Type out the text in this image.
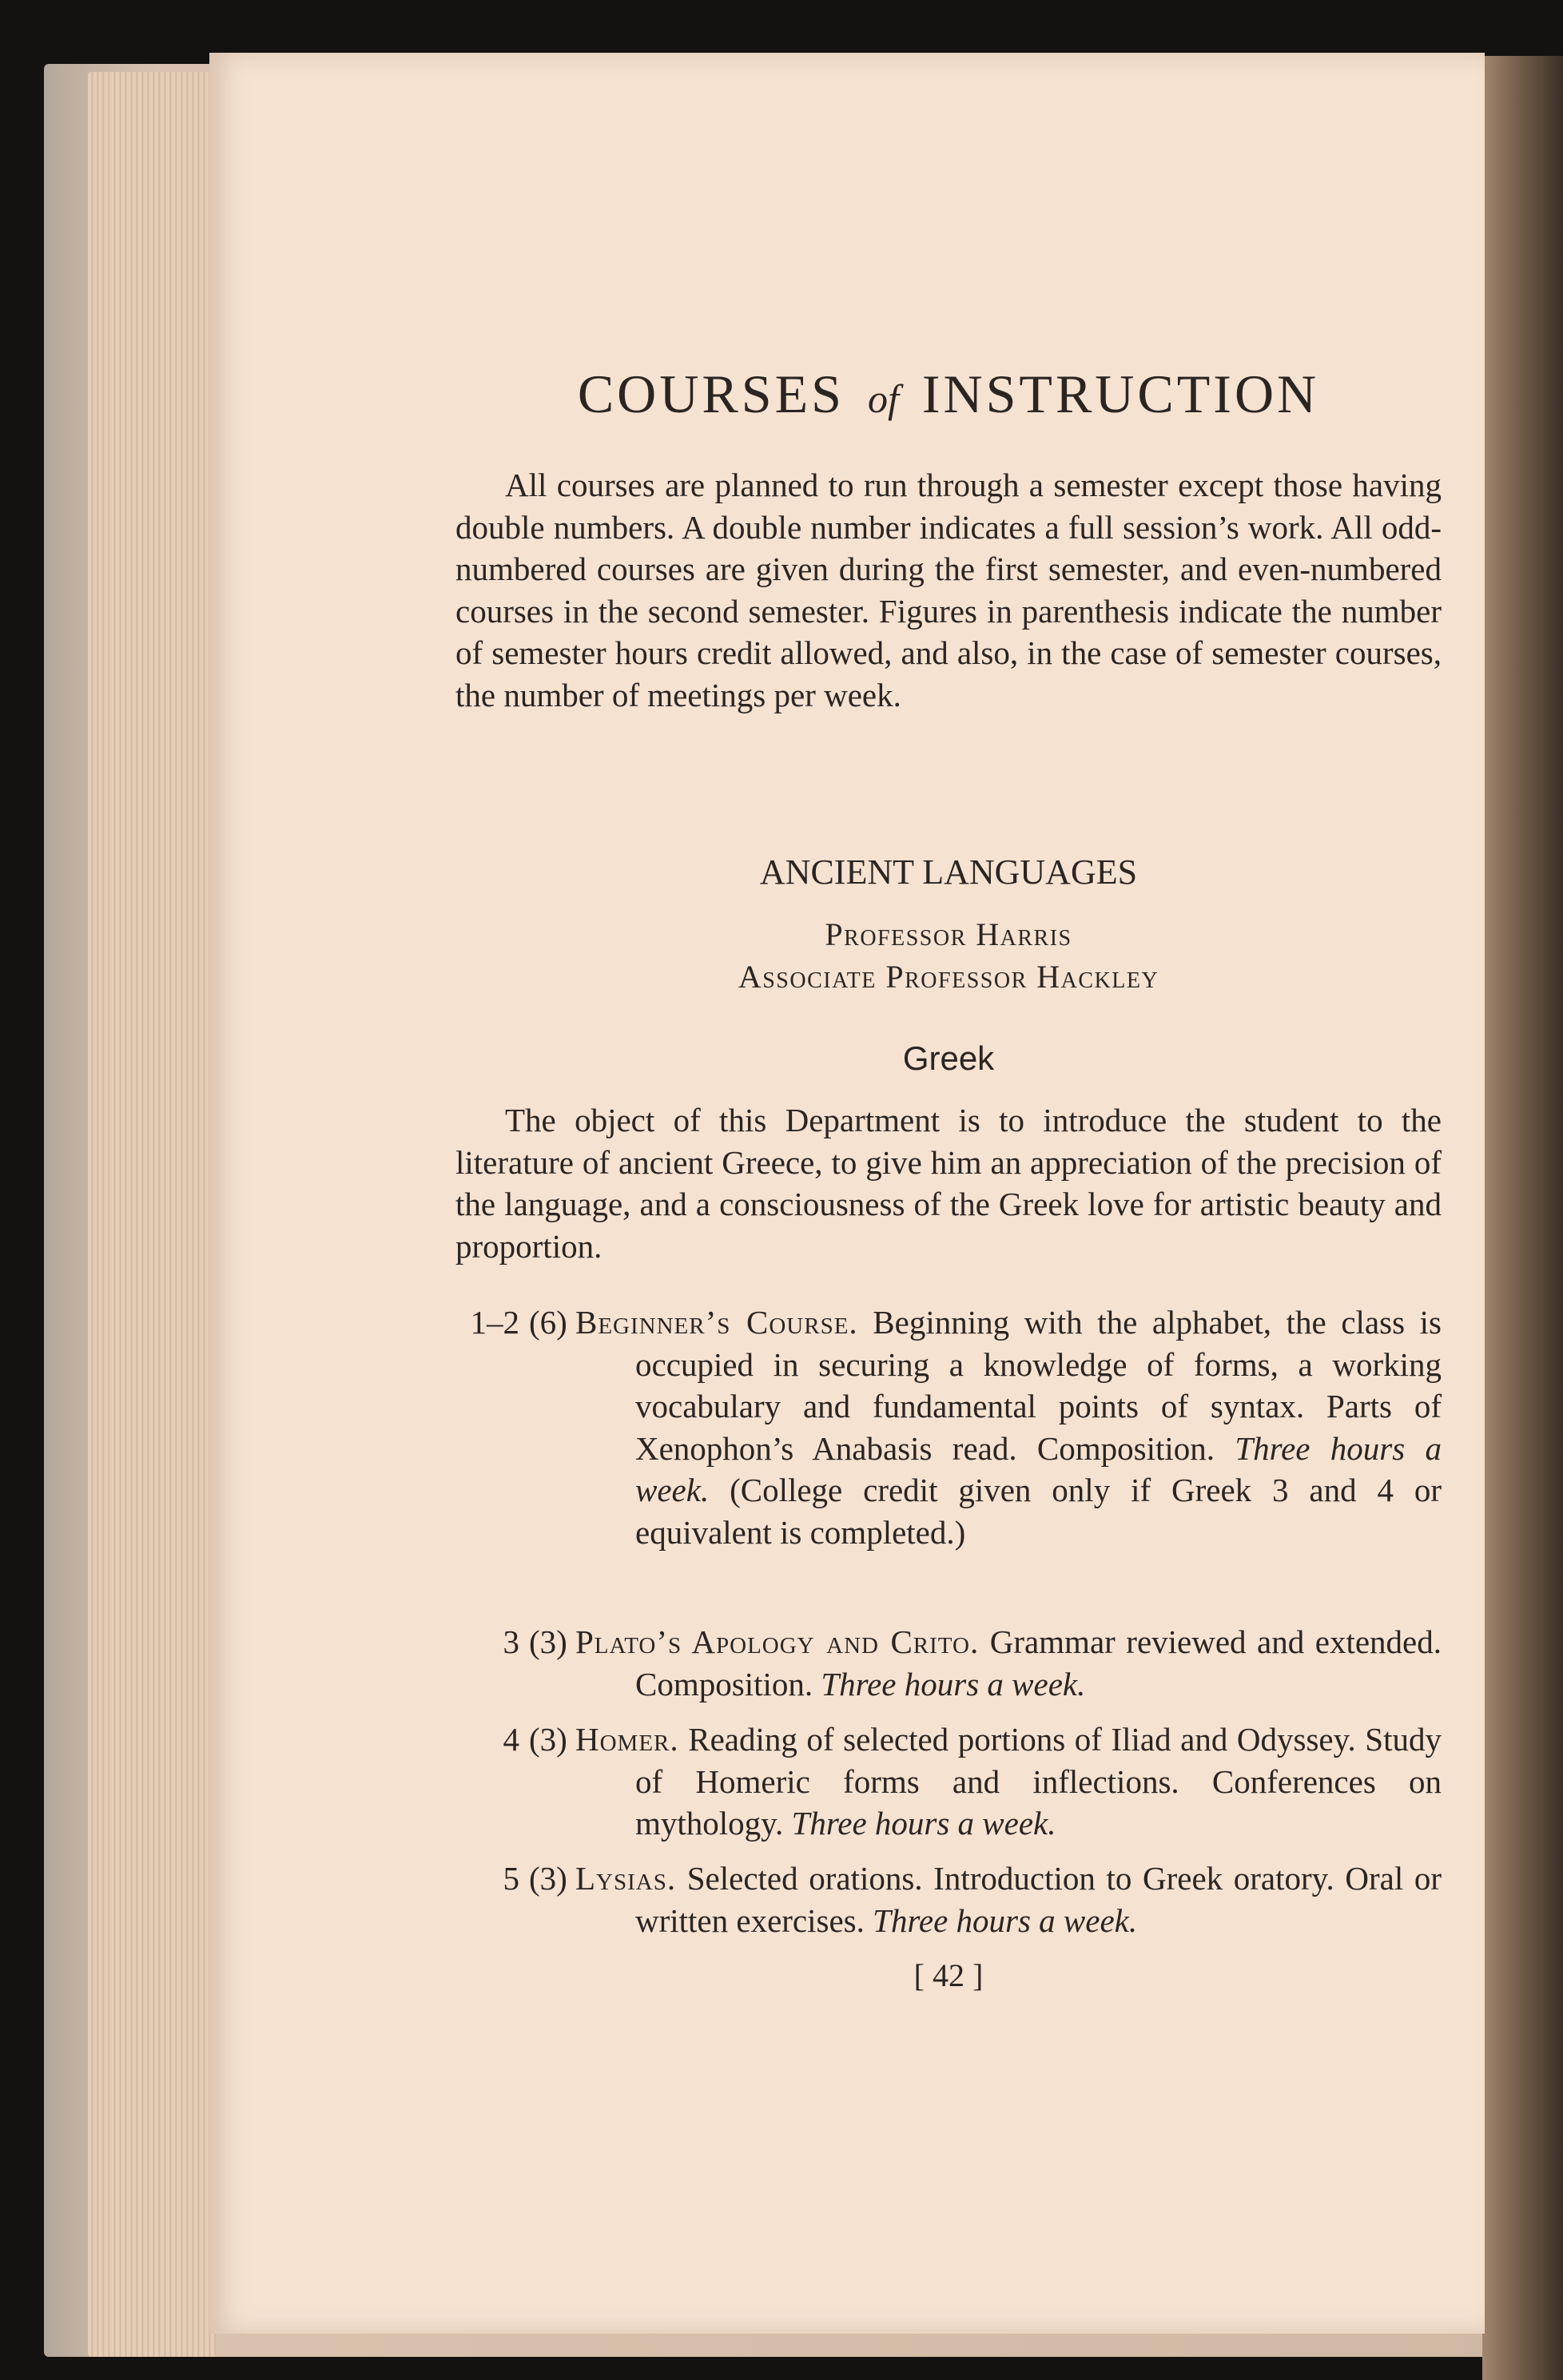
COURSES of INSTRUCTION

All courses are planned to run through a semester except those having double numbers. A double number indicates a full session’s work. All odd-numbered courses are given during the first semester, and even-numbered courses in the second semester. Figures in parenthesis indicate the number of semester hours credit allowed, and also, in the case of semester courses, the number of meetings per week.

ANCIENT LANGUAGES
Professor Harris
Associate Professor Hackley
Greek

The object of this Department is to introduce the student to the literature of ancient Greece, to give him an appreciation of the precision of the language, and a consciousness of the Greek love for artistic beauty and proportion.

1–2 (6) Beginner’s Course. Beginning with the alphabet, the class is occupied in securing a knowledge of forms, a working vocabulary and fundamental points of syntax. Parts of Xenophon’s Anabasis read. Composition. Three hours a week. (College credit given only if Greek 3 and 4 or equivalent is completed.)
3 (3) Plato’s Apology and Crito. Grammar reviewed and extended. Composition. Three hours a week.
4 (3) Homer. Reading of selected portions of Iliad and Odyssey. Study of Homeric forms and inflections. Conferences on mythology. Three hours a week.
5 (3) Lysias. Selected orations. Introduction to Greek oratory. Oral or written exercises. Three hours a week.
[ 42 ]
